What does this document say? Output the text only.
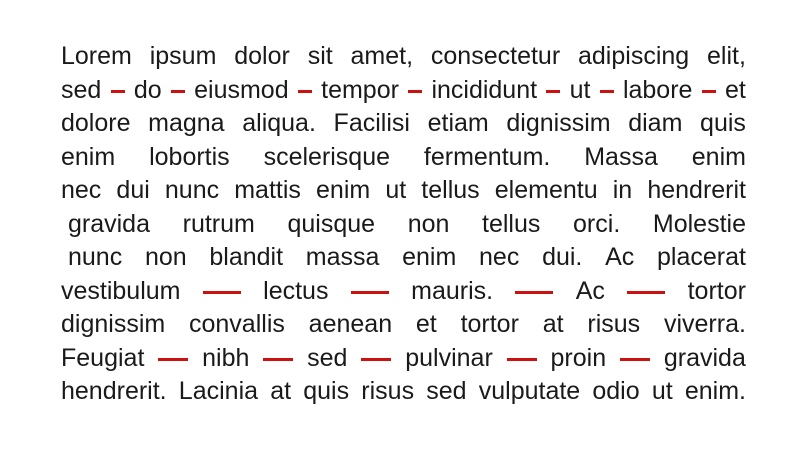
Lorem ipsum dolor sit amet, consectetur adipiscing elit,
sed do eiusmod tempor incididunt ut labore et
dolore magna aliqua. Facilisi etiam dignissim diam quis
enim lobortis scelerisque fermentum. Massa enim
nec dui nunc mattis enim ut tellus elementu in hendrerit
gravida rutrum quisque non tellus orci. Molestie
nunc non blandit massa enim nec dui. Ac placerat
vestibulum	lectus	mauris.	Ac	tortor
dignissim convallis aenean et tortor at risus viverra.
Feugiat nibh sed pulvinar proin gravida
hendrerit. Lacinia at quis risus sed vulputate odio ut enim.
